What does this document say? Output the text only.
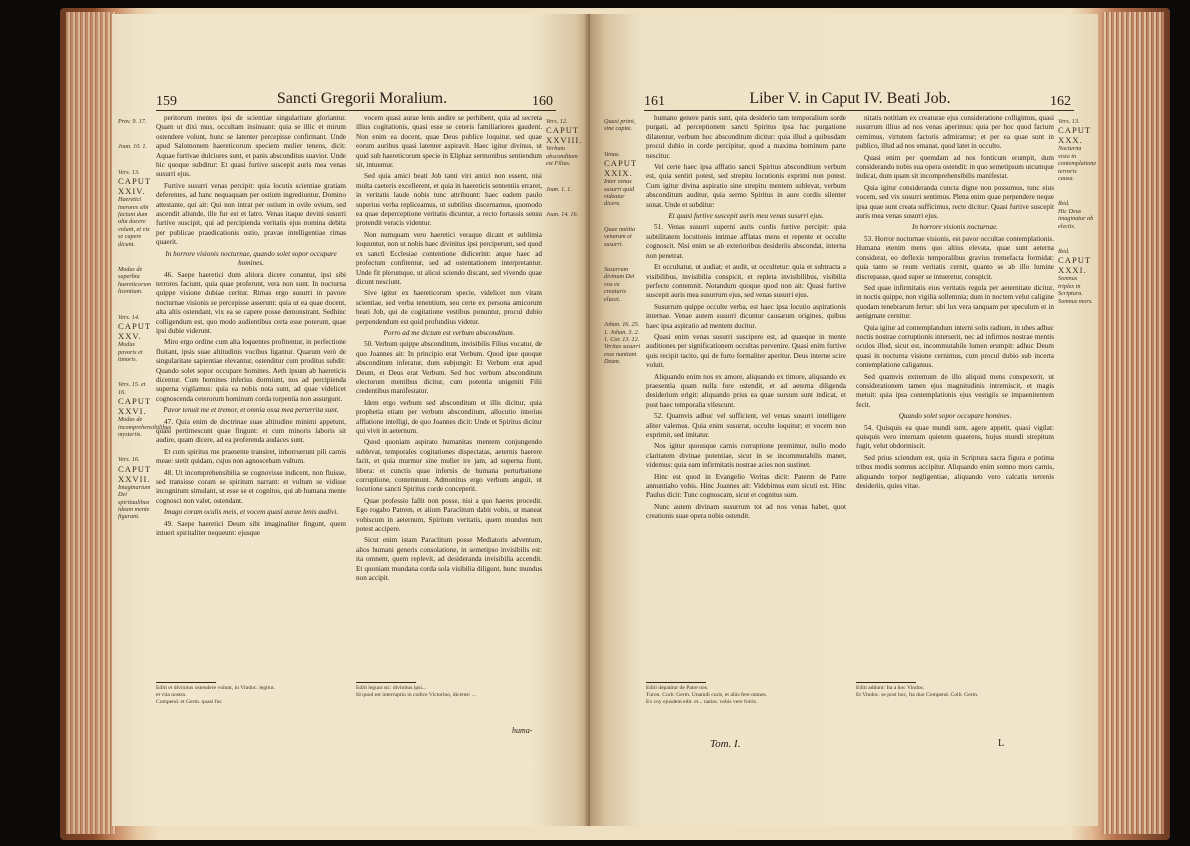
159	Sancti Gregorii Moralium.	160
Prov. 9. 17.
Joan. 10. 1.
Vers. 13.
CAPUT XXIV.
Haeretici inerores sibi faciunt dum alta docere volunt, et vix se capere dicunt.
Modus de superbia haereticorum licentiam.
Vers. 14.
CAPUT XXV.
Modus pavoris et timoris.
Vers. 15. et 16.
CAPUT XXVI.
Modus de incomprehensibilibus mysteriis.
Vers. 16.
CAPUT XXVII.
Imaginarium Dei spiritualibus ideam mente figurant.

peritorum mentes ipsi de scientiae singularitate gloriantur. Quam ut dixi mus, occultam insinuant: quia se illic et mirum ostendere volunt, hunc se latenter percepisse confirmant. Unde apud Salomonem haereticorum speciem mulier tenens, dicit: Aquae furtivae dulciores sunt, et panis absconditus suavior. Unde hic quoque subditur: Et quasi furtive suscepit auris mea venas susurri ejus.

Furtive susurri venas percipit: quia locutis scientiae gratiam deferentes, ad hanc nequaquam per ostium ingrediuntur, Domino attestante, qui ait: Qui non intrat per ostium in ovile ovium, sed ascendit aliunde, ille fur est et latro. Venas itaque devini susurri furtive suscipit, qui ad percipienda veritatis ejus nomina debita per publicae praedicationis ostio, pravae intelligentiae rimas quaerit.

In horrore visionis nocturnae, quando solet sopor occupare homines.

46. Saepe haeretici dum altiora dicere conantur, ipsi sibi terrores faciunt, quia quae proferunt, vera non sunt. In nocturna quippe visione dubiae ceritur. Rimas ergo susurri in pavore nocturnae visionis se percepisse asserunt: quia ut ea quae docent, alta altis ostendant, vix ea se capere posse demonstrant. Sedhinc colligendum est, quo modo audientibus certa esse poterunt, quae ipsi dubie viderunt.

Miro ergo ordine cum alta loquentes profitentur, in perfectione fluitant, ipsis suae altitudinis vocibus ligantur. Quarum verò de singularitate sapientiae elevantur, ostenditur cum proditus subdit: Quando solet sopor occupare homines. Aeth ipsum ab haereticis dicentur. Cum homines inferius dormiunt, nos ad percipienda superna vigilamus: quia ea nobis nota sunt, ad quae videlicet cognoscenda ceterorum hominum corda torpentia non assurgunt.

Pavor tenuit me et tremor, et omnia ossa mea perterrita sunt.

47. Quia enim de doctrinae suae altitudine minimi appetunt, quasi pertimescunt quae fingunt: et cum minoris laboris sit audire, quam dicere, ad ea proferenda audaces sunt.

Et cum spiritus me praesente transiret, inhorruerunt pili carnis meae: stetit quidam, cujus non agnoscebam vultum.

48. Ut incomprehensibilia se cognovisse indicent, non fluisse, sed transisse coram se spiritum narrant: et vultum se vidisse incognitum simulant, ut esse se et cognitos, qui ab humana mente cognosci non valet, ostendant.

Imago coram oculis meis, et vocem quasi aurae lenis audivi.

49. Saepe haeretici Deum sibi imaginaliter fingunt, quem intueri spiritaliter nequeunt: ejusque

vocem quasi aurae lenis audire se perhibent, quia ad secreta illius cogitationis, quasi esse se ceteris familiariores gaudent. Non enim ea docent, quae Deus publice loquitur, sed quae eorum auribus quasi latenter aspiravit. Haec igitur divinus, ut quid sub haereticorum specie in Eliphaz sermonibus sentiendum sit, intuemur.

Sed quia amici beati Job tanti viri amici non essent, nisi multa caeteris excellerent, et quia in haereticis sententiis erraret, in veritatis laude nobis tunc attribuunt: haec eadem paulo superius verba repliceamus, ut subtilius discernamus, quomodo ea quae deperceptione veritatis dicuntur, a recto fortassis sensu protendit veracis videntur.

Non numquam vero haeretici veraque dicant et sublimia loquuntur, non ut nobis haec divinitus ipsi perciperunt, sed quod ex sancti Ecclesiae contentione didicerint: atque haec ad profectum confitentur, sed ad ostentationem interpretantur. Unde fit plerumque, ut alicui sciendo discant, sed vivendo quae dicunt nesciunt.

Sive igitur ex haereticorum specie, videlicet non vitam scientiae, sed verba tenentium, seu certe ex persona amicorum beati Job, qui de cogitatione vestibus ponuntur, procul dubio perpendendum est quid profundius videtur.

Porro ad me dictum est verbum absconditum.

50. Verbum quippe absconditum, invisibilis Filius vocatur, de quo Joannes ait: In principio erat Verbum. Quod ipse quoque absconditum inferatur, dum subjungit: Et Verbum erat apud Deum, et Deus erat Verbum. Sed hoc verbum absconditum electorum mentibus dicitur, cum potentia unigeniti Filii credentibus manifestatur.

Idem ergo verbum sed absconditum et illis dicitur, quia prophetia etiam per verbum absconditum, allocutio interius afflatione intelligi, de quo Joannes dicit: Unde et Spiritus dicitur qui vivit in aeternum.

Quod quoniam aspirato humanitas mentem conjungendo sublevat, temporales cogitationes dispectatas, aeternis haerere facit, et quia murmur sine mulier ire jam, ad superna fiunt, libera: et cunctis quae infernis de humana perturbatione corruptione, contemnunt. Admonitus ergo verbum anguit, ut locutione sancti Spiritus corde conceperit.

Quae professio fallit non posse, nisi a quo haeres procedit. Ego rogabo Patrem, et alium Paraclitum dabit vobis, ut maneat vobiscum in aeternum, Spiritum veritatis, quem mundus non potest accipere.

Sicut enim istam Paraclitum posse Mediatoris adventum, alios humani generis consolatione, in semetipso invisibilis est: ita omnem, quem replevit, ad desideranda invisibilia accendit. Et quoniam mundana corda sola visibilia diligunt, hunc mundus non accipit.

Vers. 12.
CAPUT XXVIII.
Verbum absconditum est Filius.
Joan. 1. 1.
Joan. 14. 16.
Editi et divinitus ostendere volunt, in Vindoc. legitur.
et vita nostra.
Compend. et Germ. quasi fur.
Editi legunt sic: divinitus ipsi...
Id quod est interruptio in codice Victorino, dicente: ...
huma-
161	Liber V. in Caput IV. Beati Job.	162
Quasi primi, sine capite.
Venas.
CAPUT XXIX.
Inter venas susurri quid videatur dicere.
Quae notitia venarum et susurri.
Susurrum divinum Dei vox ex creaturis elucet.
Johan. 16. 25. 1. Johan. 3. 2. 1. Cor. 13. 12.
Veritas susurri esse nuntiant Deum.

humano genere panis sunt, quia desiderio tam temporalium sorde purgati, ad perceptionem sancti Spiritus ipsa hac purgatione dilatentur, verbum hoc absconditum dicitur: quia illud a quibusdam procul dubio in corde percipitur, quod a maxima hominum parte nescitur.

Vel certe haec ipsa afflatio sancti Spiritus absconditum verbum est, quia sentiri potest, sed strepitu locutionis exprimi non potest. Cum igitur divina aspiratio sine strepitu mentem sublevat, verbum absconditum auditur, quia sermo Spiritus in aure cordis silenter sonat. Unde et subditur:

Et quasi furtive suscepit auris mea venas susurri ejus.

51. Venas susurri superni auris cordis furtive percipit: quia subtilitatem locutionis intimae afflatas mens et repente et occulte cognoscit. Nisi enim se ab exterioribus desideriis abscondat, interna non penetrat.

Et occultatur, ut audiat; et audit, ut occultetur: quia et subtracta a visibilibus, invisibilia conspicit, et repleta invisibilibus, visibilia perfecte contemnit. Notandum quoque quod non ait: Quasi furtive suscepit auris mea susurrum ejus, sed venas susurri ejus.

Susurrum quippe occulte verba, est haec ipsa locutio aspirationis internae. Venae autem susurri dicuntur causarum origines, quibus haec ipsa aspiratio ad mentem ducitur.

Quasi enim venas susurri suscipere est, ad quaeque in mente auditiones per significationem occultas pervenire. Quasi enim furtive quis recipit tacito, qui de furto formaliter aperitur. Deus interne scire voluit.

Aliquando enim nos ex amore, aliquando ex timore, aliquando ex praesentia quam nulla fore ostendit, et ad aeterna diligenda desiderium erigit: aliquando prius ea quae sursum sunt indicat, et post haec temporalia vilescunt.

52. Quamvis adhuc vel sufficient, vel venas susurri intelligere aliter valemus. Quia enim susurrat, occulte loquitur; et vocem non exprimit, sed imitatur.

Nos igitur quousque carnis corruptione premimur, nullo modo claritatem divinae potentiae, sicut in se incommutabilis manet, videmus: quia eam infirmitatis nostrae acies non sustinet.

Hinc est quod in Evangelio Veritas dicit: Paterm de Patre annuntiabo vobis. Hinc Joannes ait: Videbimus eum sicuti est. Hinc Paulus dicit: Tunc cognoscam, sicut et cognitus sum.

Nunc autem divinam susurrum tot ad nos venas habet, quot creationis suae opera nobis ostendit.

nitatis notitiam ex creaturae ejus consideratione colligimus, quasi susurrum illius ad nos venas aperimus: quia per hoc quod factum cernimus, virtutem factoris admiramur; et per ea quae sunt in publico, illud ad nos emanat, quod latet in occulto.

Quasi enim per quemdam ad nos fonticum erumpit, dum considerando nobis sua opera ostendit: in quo semetipsum utcumque indicat, dum quam sit incomprehensibilis manifestat.

Quia igitur consideranda cuncta digne non possumus, tunc eius vocem, sed vix susurri sentimus. Plena enim quae perpendere neque ipsa quae sunt creata sufficimus, recte dicitur: Quasi furtive suscepit auris mea venas susurri ejus.

In horrore visionis nocturnae.

53. Horror nocturnae visionis, est pavor occultae contemplationis. Humana etenim mens quo altius elevata, quae sunt aeterna considerat, eo deflexis temporalibus gravius tremefacta formidat: quia tanto se reum veritatis cernit, quanto se ab illo lumine discrepasse, quod super se intueretur, conspicit.

Sed quae infirmitatis eius veritatis regula per aeternitate dicitur, in noctis quippe, non vigilia sollemnia; dum in noctem velut caligine quodam tenebrarum fertur: ubi lux vera tanquam per speculum et in aenigmate cernitur.

Quia igitur ad contemplandum interni solis radium, in ubes adhuc noctis nostrae corruptionis interserit, nec ad infirmos nostrae mentis oculos illud, sicut est, incommutabile lumen erumpit: adhuc Deum quasi in nocturna visione cernimus, cum procul dubio sub incerta contemplatione caligamus.

Sed quamvis extremum de illo aliquid mens conspexerit, ut considerationem tamen ejus magnitudinis intremiscit, et magis metuit: quia ipsa contemplationis ejus vestigiis se impaenitentem fecit.

Quando solet sopor occupare homines.

54. Quisquis ea quae mundi sunt, agere appetit, quasi vigilat: quisquis vero internam quietem quaerens, hujus mundi strepitum fugit, velut obdormiscit.

Sed prius sciendum est, quia in Scriptura sacra figura e potima tribus modis somnus accipitur. Aliquando enim somno mors carnis, aliquando torpor negligentiae, aliquando vero calcatis terrenis desideriis, quies vitae.

Vers. 13.
CAPUT XXX.
Nocturna visio in contemplatione terroris causa.
Ibid.
Hic Deus imaginatur ab electis.
Ibid.
CAPUT XXXI.
Somnus triplex in Scriptura. Somnus mors.
Editi depatitur de Patre nos.
Turon. Corb. Germ. Unamdi curis, et aliis fere omnes.
Ex coy ejusdem edit. et... natiss. vobis vere foiris.
Editi addunt: Ita a hoc Vindoc.
Et Vindoc. se post hoc, Ita duo Compend. Colb. Germ.
Tom. I.	L
